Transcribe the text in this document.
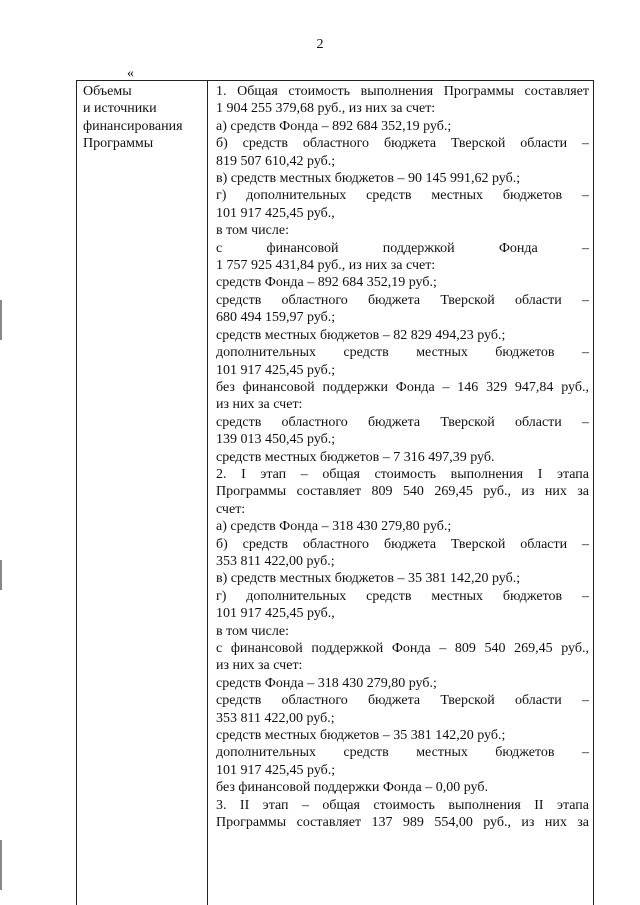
2
«
Объемы
и источники
финансирования
Программы
1. Общая стоимость выполнения Программы составляет
1 904 255 379,68 руб., из них за счет:
а) средств Фонда – 892 684 352,19 руб.;
б) средств областного бюджета Тверской области –
819 507 610,42 руб.;
в) средств местных бюджетов – 90 145 991,62 руб.;
г) дополнительных средств местных бюджетов –
101 917 425,45 руб.,
в том числе:
с финансовой поддержкой Фонда –
1 757 925 431,84 руб., из них за счет:
средств Фонда – 892 684 352,19 руб.;
средств областного бюджета Тверской области –
680 494 159,97 руб.;
средств местных бюджетов – 82 829 494,23 руб.;
дополнительных средств местных бюджетов –
101 917 425,45 руб.;
без финансовой поддержки Фонда – 146 329 947,84 руб.,
из них за счет:
средств областного бюджета Тверской области –
139 013 450,45 руб.;
средств местных бюджетов – 7 316 497,39 руб.
2. I этап – общая стоимость выполнения I этапа
Программы составляет 809 540 269,45 руб., из них за
счет:
а) средств Фонда – 318 430 279,80 руб.;
б) средств областного бюджета Тверской области –
353 811 422,00 руб.;
в) средств местных бюджетов – 35 381 142,20 руб.;
г) дополнительных средств местных бюджетов –
101 917 425,45 руб.,
в том числе:
с финансовой поддержкой Фонда – 809 540 269,45 руб.,
из них за счет:
средств Фонда – 318 430 279,80 руб.;
средств областного бюджета Тверской области –
353 811 422,00 руб.;
средств местных бюджетов – 35 381 142,20 руб.;
дополнительных средств местных бюджетов –
101 917 425,45 руб.;
без финансовой поддержки Фонда – 0,00 руб.
3. II этап – общая стоимость выполнения II этапа
Программы составляет 137 989 554,00 руб., из них за
